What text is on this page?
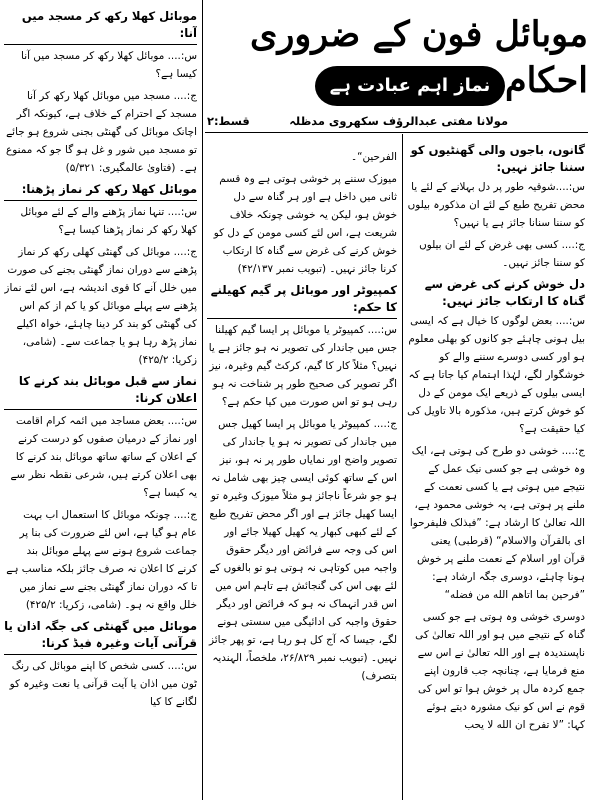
موبائل فون کے ضروری احکام
نماز اہم عبادت ہے
مولانا مفتی عبدالرؤف سکھروی مدظلہ
قسط:۲
گانوں، باجوں والی گھنٹیوں کو سننا جائز نہیں:
س:....شوقیہ طور پر دل بہلانے کے لئے یا محض تفریح طبع کے لئے ان مذکورہ بیلوں کو سننا سنانا جائز ہے یا نہیں؟
ج:.... کسی بھی غرض کے لئے ان بیلوں کو سننا جائز نہیں۔
دل خوش کرنے کی غرض سے گناہ کا ارتکاب جائز نہیں:
س:.... بعض لوگوں کا خیال ہے کہ ایسی بیل ہونی چاہئے جو کانوں کو بھلی معلوم ہو اور کسی دوسرے سننے والے کو خوشگوار لگے، لہٰذا اہتمام کیا جاتا ہے کہ ایسی بیلوں کے ذریعے ایک مومن کے دل کو خوش کرتے ہیں، مذکورہ بالا تاویل کی کیا حقیقت ہے؟
ج:.... خوشی دو طرح کی ہوتی ہے، ایک وہ خوشی ہے جو کسی نیک عمل کے نتیجے میں ہوتی ہے یا کسی نعمت کے ملنے پر ہوتی ہے، یہ خوشی محمود ہے، اللہ تعالیٰ کا ارشاد ہے: ”فبذلک فلیفرحوا ای بالقرآن والاسلام“ (قرطبی) یعنی قرآن اور اسلام کے نعمت ملنے پر خوش ہونا چاہئے، دوسری جگہ ارشاد ہے: ”فرحین بما اتاهم الله من فضله“
دوسری خوشی وہ ہوتی ہے جو کسی گناہ کے نتیجے میں ہو اور اللہ تعالیٰ کی ناپسندیدہ ہے اور اللہ تعالیٰ نے اس سے منع فرمایا ہے، چنانچہ جب قارون اپنے جمع کردہ مال پر خوش ہوا تو اس کی قوم نے اس کو نیک مشورہ دیتے ہوئے کہا: ”لا تفرح ان الله لا یحب
الفرحین“۔
میوزک سننے پر خوشی ہوتی ہے وہ قسم ثانی میں داخل ہے اور ہر گناہ سے دل خوش ہو، لیکن یہ خوشی چونکہ خلاف شریعت ہے، اس لئے کسی مومن کے دل کو خوش کرنے کی غرض سے گناہ کا ارتکاب کرنا جائز نہیں۔ (تبویب نمبر ۴۲/۱۳۷)
کمپیوٹر اور موبائل پر گیم کھیلنے کا حکم:
س:.... کمپیوٹر یا موبائل پر ایسا گیم کھیلنا جس میں جاندار کی تصویر نہ ہو جائز ہے یا نہیں؟ مثلاً کار کا گیم، کرکٹ گیم وغیرہ، نیز اگر تصویر کی صحیح طور پر شناخت نہ ہو رہی ہو تو اس صورت میں کیا حکم ہے؟
ج:.... کمپیوٹر یا موبائل پر ایسا کھیل جس میں جاندار کی تصویر نہ ہو یا جاندار کی تصویر واضح اور نمایاں طور پر نہ ہو، نیز اس کے ساتھ کوئی ایسی چیز بھی شامل نہ ہو جو شرعاً ناجائز ہو مثلاً میوزک وغیرہ تو ایسا کھیل جائز ہے اور اگر محض تفریح طبع کے لئے کبھی کبھار یہ کھیل کھیلا جائے اور اس کی وجہ سے فرائض اور دیگر حقوق واجبہ میں کوتاہی نہ ہوتی ہو تو بالغوں کے لئے بھی اس کی گنجائش ہے تاہم اس میں اس قدر انہماک نہ ہو کہ فرائض اور دیگر حقوق واجبہ کی ادائیگی میں سستی ہونے لگے، جیسا کہ آج کل ہو رہا ہے، تو پھر جائز نہیں۔ (تبویب نمبر ۲۶/۸۲۹، ملخصاً، الہندیہ بتصرف)
موبائل کھلا رکھ کر مسجد میں آنا:
س:.... موبائل کھلا رکھ کر مسجد میں آنا کیسا ہے؟
ج:.... مسجد میں موبائل کھلا رکھ کر آنا مسجد کے احترام کے خلاف ہے، کیونکہ اگر اچانک موبائل کی گھنٹی بجنی شروع ہو جائے تو مسجد میں شور و غل ہو گا جو کہ ممنوع ہے۔ (فتاویٰ عالمگیری: ۵/۳۲۱)
موبائل کھلا رکھ کر نماز پڑھنا:
س:.... تنہا نماز پڑھنے والے کے لئے موبائل کھلا رکھ کر نماز پڑھنا کیسا ہے؟
ج:.... موبائل کی گھنٹی کھلی رکھ کر نماز پڑھنے سے دوران نماز گھنٹی بجنے کی صورت میں خلل آنے کا قوی اندیشہ ہے، اس لئے نماز پڑھنے سے پہلے موبائل کو یا کم از کم اس کی گھنٹی کو بند کر دینا چاہئے، خواہ اکیلے نماز پڑھ رہا ہو یا جماعت سے۔ (شامی، زکریا: ۴۲۵/۲)
نماز سے قبل موبائل بند کرنے کا اعلان کرنا:
س:.... بعض مساجد میں ائمہ کرام اقامت اور نماز کے درمیان صفوں کو درست کرنے کے اعلان کے ساتھ ساتھ موبائل بند کرنے کا بھی اعلان کرتے ہیں، شرعی نقطہ نظر سے یہ کیسا ہے؟
ج:.... چونکہ موبائل کا استعمال اب بہت عام ہو گیا ہے، اس لئے ضرورت کی بنا پر جماعت شروع ہونے سے پہلے موبائل بند کرنے کا اعلان نہ صرف جائز بلکہ مناسب ہے تا کہ دوران نماز گھنٹی بجنے سے نماز میں خلل واقع نہ ہو۔ (شامی، زکریا: ۴۲۵/۲)
موبائل میں گھنٹی کی جگہ اذان یا قرآنی آیات وغیرہ فیڈ کرنا:
س:.... کسی شخص کا اپنے موبائل کی رنگ ٹون میں اذان یا آیت قرآنی یا نعت وغیرہ کو لگانے کا کیا
